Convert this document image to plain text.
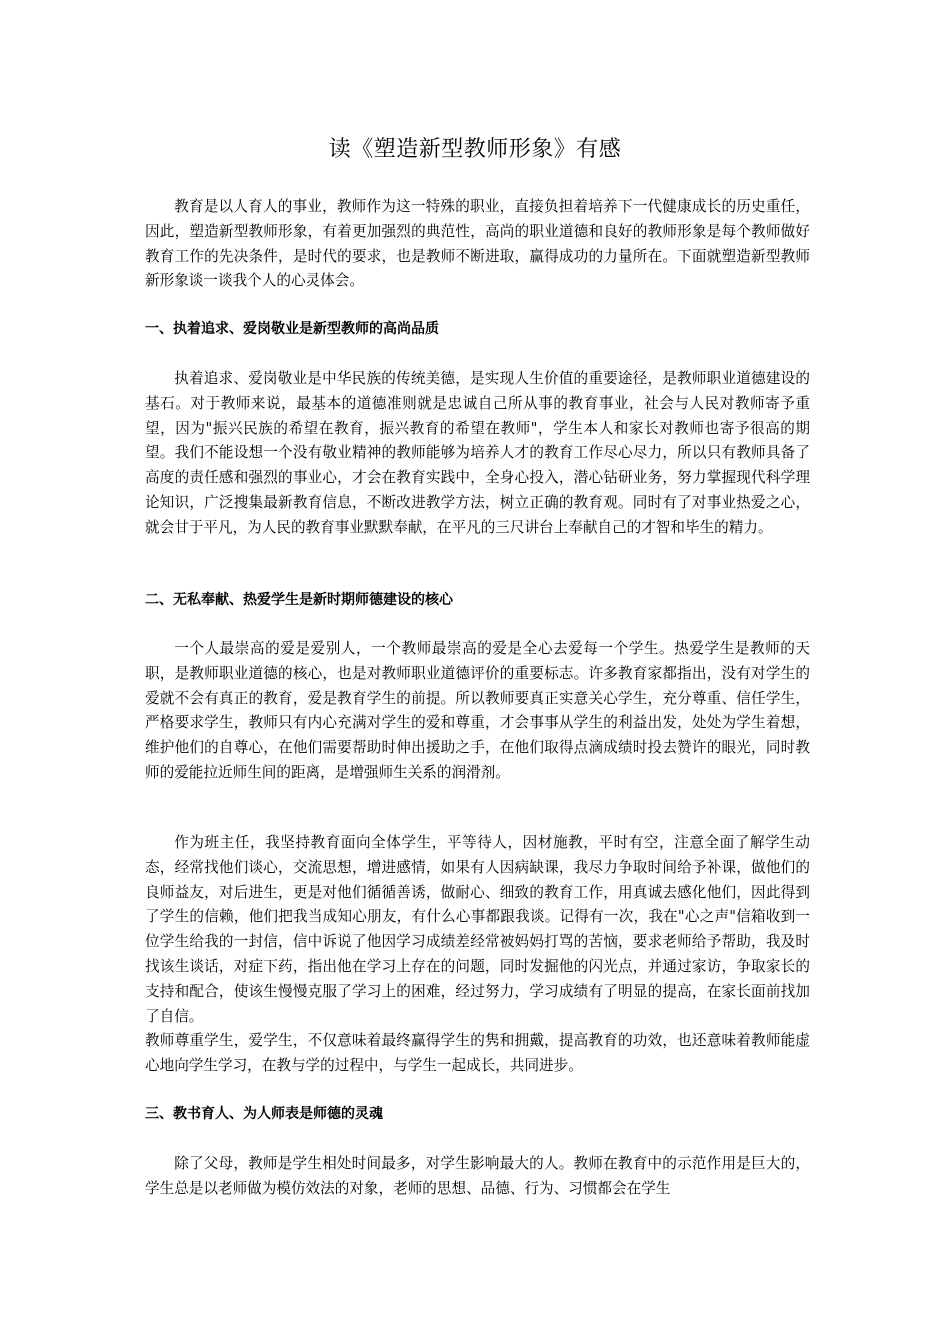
读《塑造新型教师形象》有感

教育是以人育人的事业，教师作为这一特殊的职业，直接负担着培养下一代健康成长的历史重任，因此，塑造新型教师形象，有着更加强烈的典范性，高尚的职业道德和良好的教师形象是每个教师做好教育工作的先决条件，是时代的要求，也是教师不断进取，赢得成功的力量所在。下面就塑造新型教师新形象谈一谈我个人的心灵体会。

一、执着追求、爱岗敬业是新型教师的高尚品质

执着追求、爱岗敬业是中华民族的传统美德，是实现人生价值的重要途径，是教师职业道德建设的基石。对于教师来说，最基本的道德准则就是忠诚自己所从事的教育事业，社会与人民对教师寄予重望，因为"振兴民族的希望在教育，振兴教育的希望在教师"，学生本人和家长对教师也寄予很高的期望。我们不能设想一个没有敬业精神的教师能够为培养人才的教育工作尽心尽力，所以只有教师具备了高度的责任感和强烈的事业心，才会在教育实践中，全身心投入，潜心钻研业务，努力掌握现代科学理论知识，广泛搜集最新教育信息，不断改进教学方法，树立正确的教育观。同时有了对事业热爱之心，就会甘于平凡，为人民的教育事业默默奉献，在平凡的三尺讲台上奉献自己的才智和毕生的精力。

二、无私奉献、热爱学生是新时期师德建设的核心

一个人最崇高的爱是爱别人，一个教师最崇高的爱是全心去爱每一个学生。热爱学生是教师的天职，是教师职业道德的核心，也是对教师职业道德评价的重要标志。许多教育家都指出，没有对学生的爱就不会有真正的教育，爱是教育学生的前提。所以教师要真正实意关心学生，充分尊重、信任学生，严格要求学生，教师只有内心充满对学生的爱和尊重，才会事事从学生的利益出发，处处为学生着想，维护他们的自尊心，在他们需要帮助时伸出援助之手，在他们取得点滴成绩时投去赞许的眼光，同时教师的爱能拉近师生间的距离，是增强师生关系的润滑剂。

作为班主任，我坚持教育面向全体学生，平等待人，因材施教，平时有空，注意全面了解学生动态，经常找他们谈心，交流思想，增进感情，如果有人因病缺课，我尽力争取时间给予补课，做他们的良师益友，对后进生，更是对他们循循善诱，做耐心、细致的教育工作，用真诚去感化他们，因此得到了学生的信赖，他们把我当成知心朋友，有什么心事都跟我谈。记得有一次，我在"心之声"信箱收到一位学生给我的一封信，信中诉说了他因学习成绩差经常被妈妈打骂的苦恼，要求老师给予帮助，我及时找该生谈话，对症下药，指出他在学习上存在的问题，同时发掘他的闪光点，并通过家访，争取家长的支持和配合，使该生慢慢克服了学习上的困难，经过努力，学习成绩有了明显的提高，在家长面前找加了自信。

教师尊重学生，爱学生，不仅意味着最终赢得学生的隽和拥戴，提高教育的功效，也还意味着教师能虚心地向学生学习，在教与学的过程中，与学生一起成长，共同进步。

三、教书育人、为人师表是师德的灵魂

除了父母，教师是学生相处时间最多，对学生影响最大的人。教师在教育中的示范作用是巨大的，学生总是以老师做为模仿效法的对象，老师的思想、品德、行为、习惯都会在学生
